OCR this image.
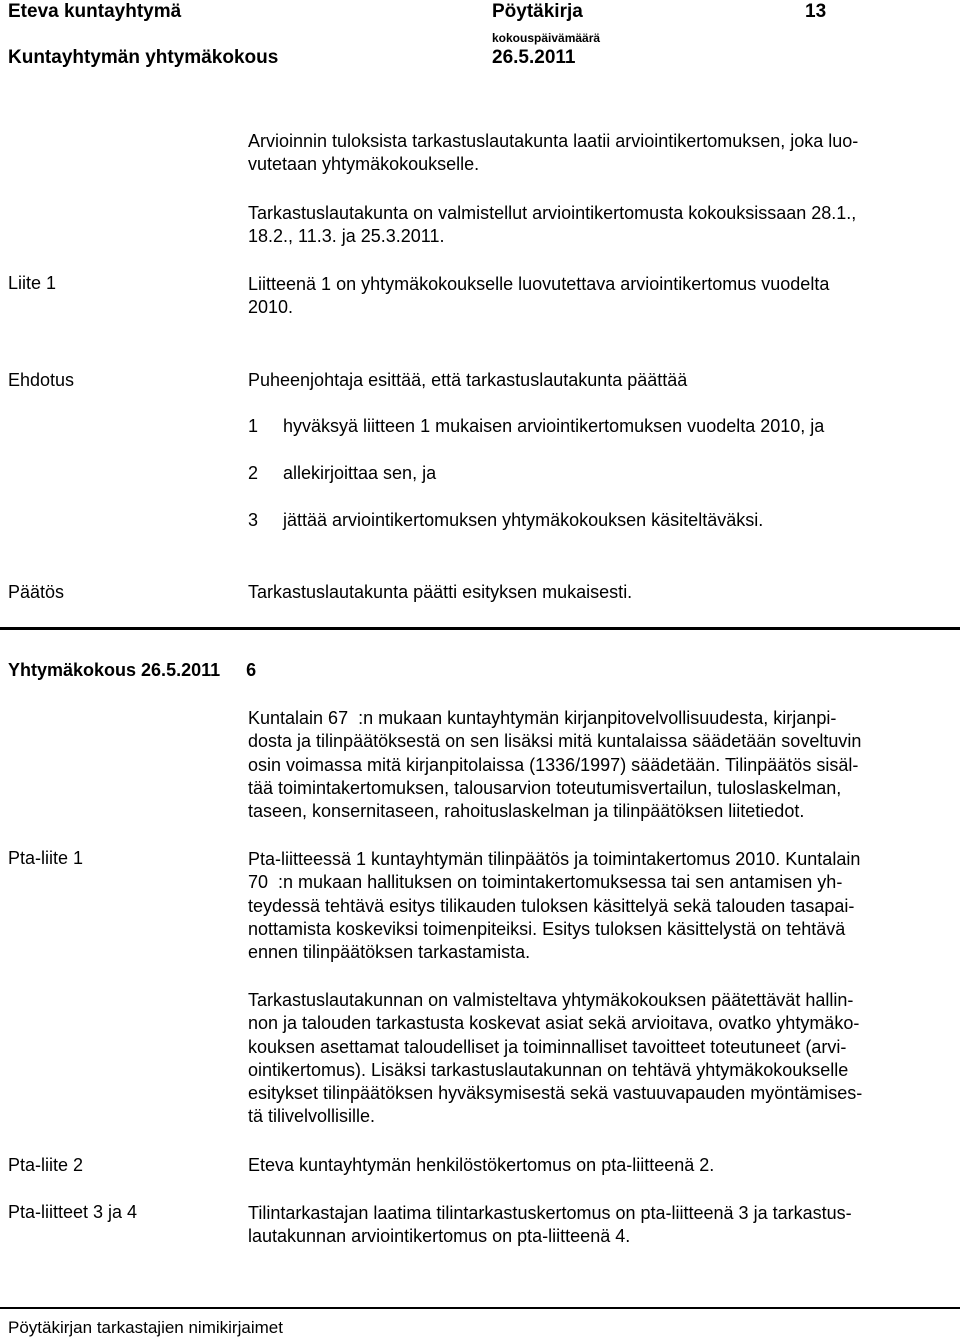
Eteva kuntayhtymä	Pöytäkirja	13
Kuntayhtymän yhtymäkokous
kokouspäivämäärä
26.5.2011
Arvioinnin tuloksista tarkastuslautakunta laatii arviointikertomuksen, joka luo-
vutetaan yhtymäkokoukselle.
Tarkastuslautakunta on valmistellut arviointikertomusta kokouksissaan 28.1.,
18.2., 11.3. ja 25.3.2011.
Liite 1	Liitteenä 1 on yhtymäkokoukselle luovutettava arviointikertomus vuodelta
2010.
Ehdotus	Puheenjohtaja esittää, että tarkastuslautakunta päättää
1 hyväksyä liitteen 1 mukaisen arviointikertomuksen vuodelta 2010, ja
2 allekirjoittaa sen, ja
3 jättää arviointikertomuksen yhtymäkokouksen käsiteltäväksi.
Päätös	Tarkastuslautakunta päätti esityksen mukaisesti.
Yhtymäkokous 26.5.2011 6
Kuntalain 67  :n mukaan kuntayhtymän kirjanpitovelvollisuudesta, kirjanpi-
dosta ja tilinpäätöksestä on sen lisäksi mitä kuntalaissa säädetään soveltuvin
osin voimassa mitä kirjanpitolaissa (1336/1997) säädetään. Tilinpäätös sisäl-
tää toimintakertomuksen, talousarvion toteutumisvertailun, tuloslaskelman,
taseen, konsernitaseen, rahoituslaskelman ja tilinpäätöksen liitetiedot.
Pta-liite 1	Pta-liitteessä 1 kuntayhtymän tilinpäätös ja toimintakertomus 2010. Kuntalain
70  :n mukaan hallituksen on toimintakertomuksessa tai sen antamisen yh-
teydessä tehtävä esitys tilikauden tuloksen käsittelyä sekä talouden tasapai-
nottamista koskeviksi toimenpiteiksi. Esitys tuloksen käsittelystä on tehtävä
ennen tilinpäätöksen tarkastamista.
Tarkastuslautakunnan on valmisteltava yhtymäkokouksen päätettävät hallin-
non ja talouden tarkastusta koskevat asiat sekä arvioitava, ovatko yhtymäko-
kouksen asettamat taloudelliset ja toiminnalliset tavoitteet toteutuneet (arvi-
ointikertomus). Lisäksi tarkastuslautakunnan on tehtävä yhtymäkokoukselle
esitykset tilinpäätöksen hyväksymisestä sekä vastuuvapauden myöntämises-
tä tilivelvollisille.
Pta-liite 2	Eteva kuntayhtymän henkilöstökertomus on pta-liitteenä 2.
Pta-liitteet 3 ja 4	Tilintarkastajan laatima tilintarkastuskertomus on pta-liitteenä 3 ja tarkastus-
lautakunnan arviointikertomus on pta-liitteenä 4.
Pöytäkirjan tarkastajien nimikirjaimet
